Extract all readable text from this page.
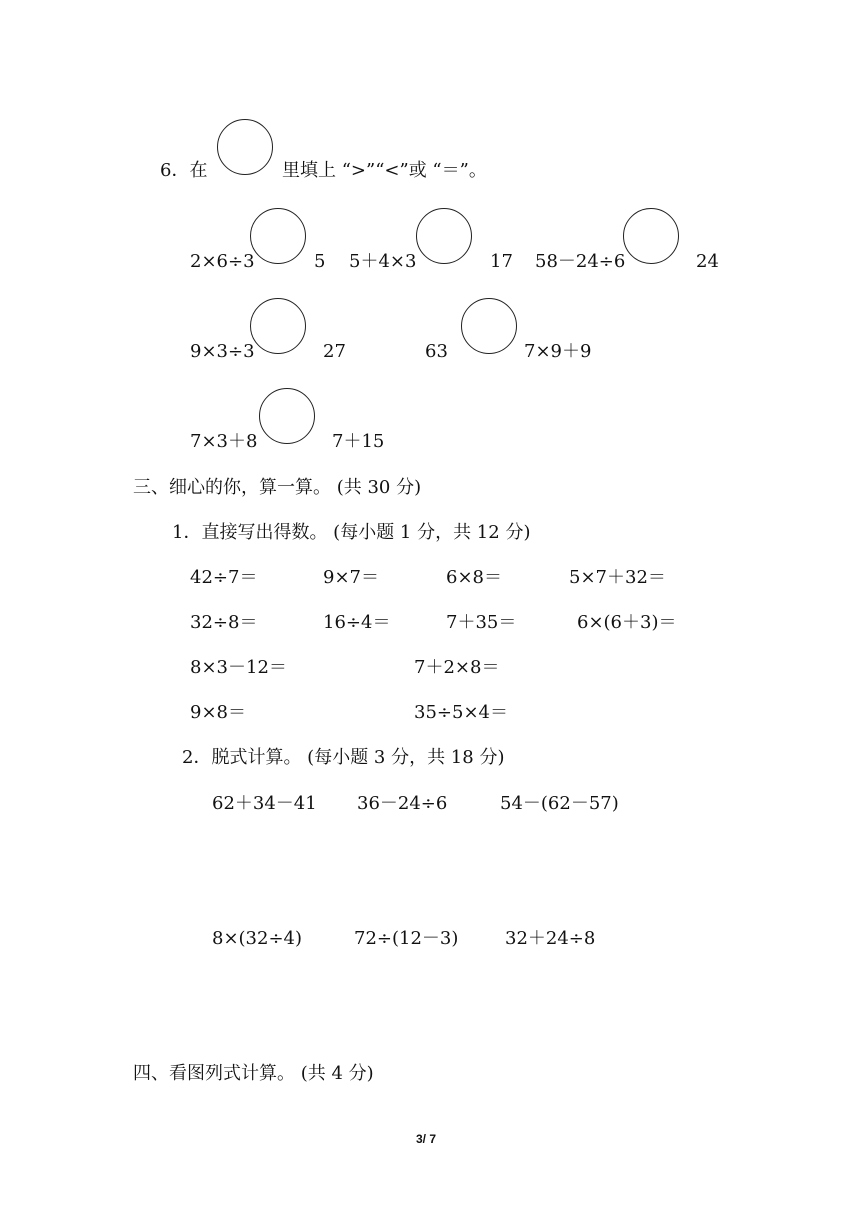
6．在	里填上 “>”“<”或 “＝”。
2×6÷3	5 5＋4×3	17 58－24÷6	24
9×3÷3	27	63	7×9＋9
7×3＋8	7＋15
三、细心的你，算一算。 (共 30 分)
1．直接写出得数。 (每小题 1 分，共 12 分)
42÷7＝	9×7＝	6×8＝	5×7＋32＝
32÷8＝	16÷4＝	7＋35＝	6×(6＋3)＝
8×3－12＝	7＋2×8＝
9×8＝	35÷5×4＝
2．脱式计算。 (每小题 3 分，共 18 分)
62＋34－41 36－24÷6	54－(62－57)
8×(32÷4)	72÷(12－3)	32＋24÷8
四、看图列式计算。 (共 4 分)
3/ 7
